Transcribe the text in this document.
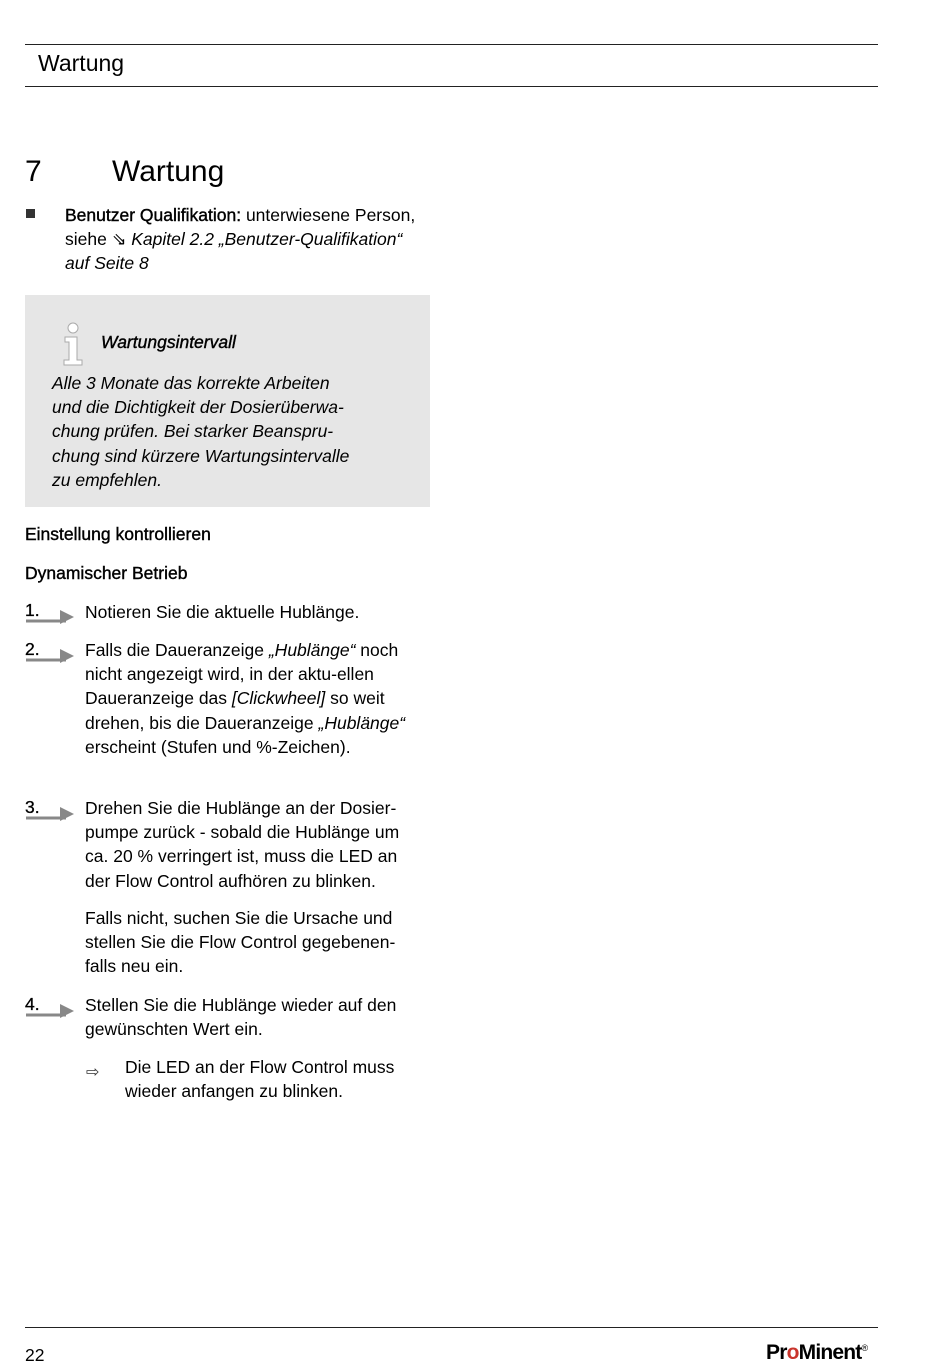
Wartung
7 Wartung
Benutzer Qualifikation: unterwiesene Person, siehe ⇘ Kapitel 2.2 „Benutzer-Qualifikation“ auf Seite 8
Wartungsintervall
Alle 3 Monate das korrekte Arbeiten
und die Dichtigkeit der Dosierüberwa-
chung prüfen. Bei starker Beanspru-
chung sind kürzere Wartungsintervalle
zu empfehlen.
Einstellung kontrollieren
Dynamischer Betrieb
1.	Notieren Sie die aktuelle Hublänge.
2.	Falls die Daueranzeige „Hublänge“ noch nicht angezeigt wird, in der aktu-ellen Daueranzeige das [Clickwheel] so weit drehen, bis die Daueranzeige „Hublänge“ erscheint (Stufen und %-Zeichen).
3.	Drehen Sie die Hublänge an der Dosier-
pumpe zurück - sobald die Hublänge um
ca. 20 % verringert ist, muss die LED an
der Flow Control aufhören zu blinken.
Falls nicht, suchen Sie die Ursache und
stellen Sie die Flow Control gegebenen-
falls neu ein.
4.	Stellen Sie die Hublänge wieder auf den
gewünschten Wert ein.
⇨ Die LED an der Flow Control muss
wieder anfangen zu blinken.
22	ProMinent®
